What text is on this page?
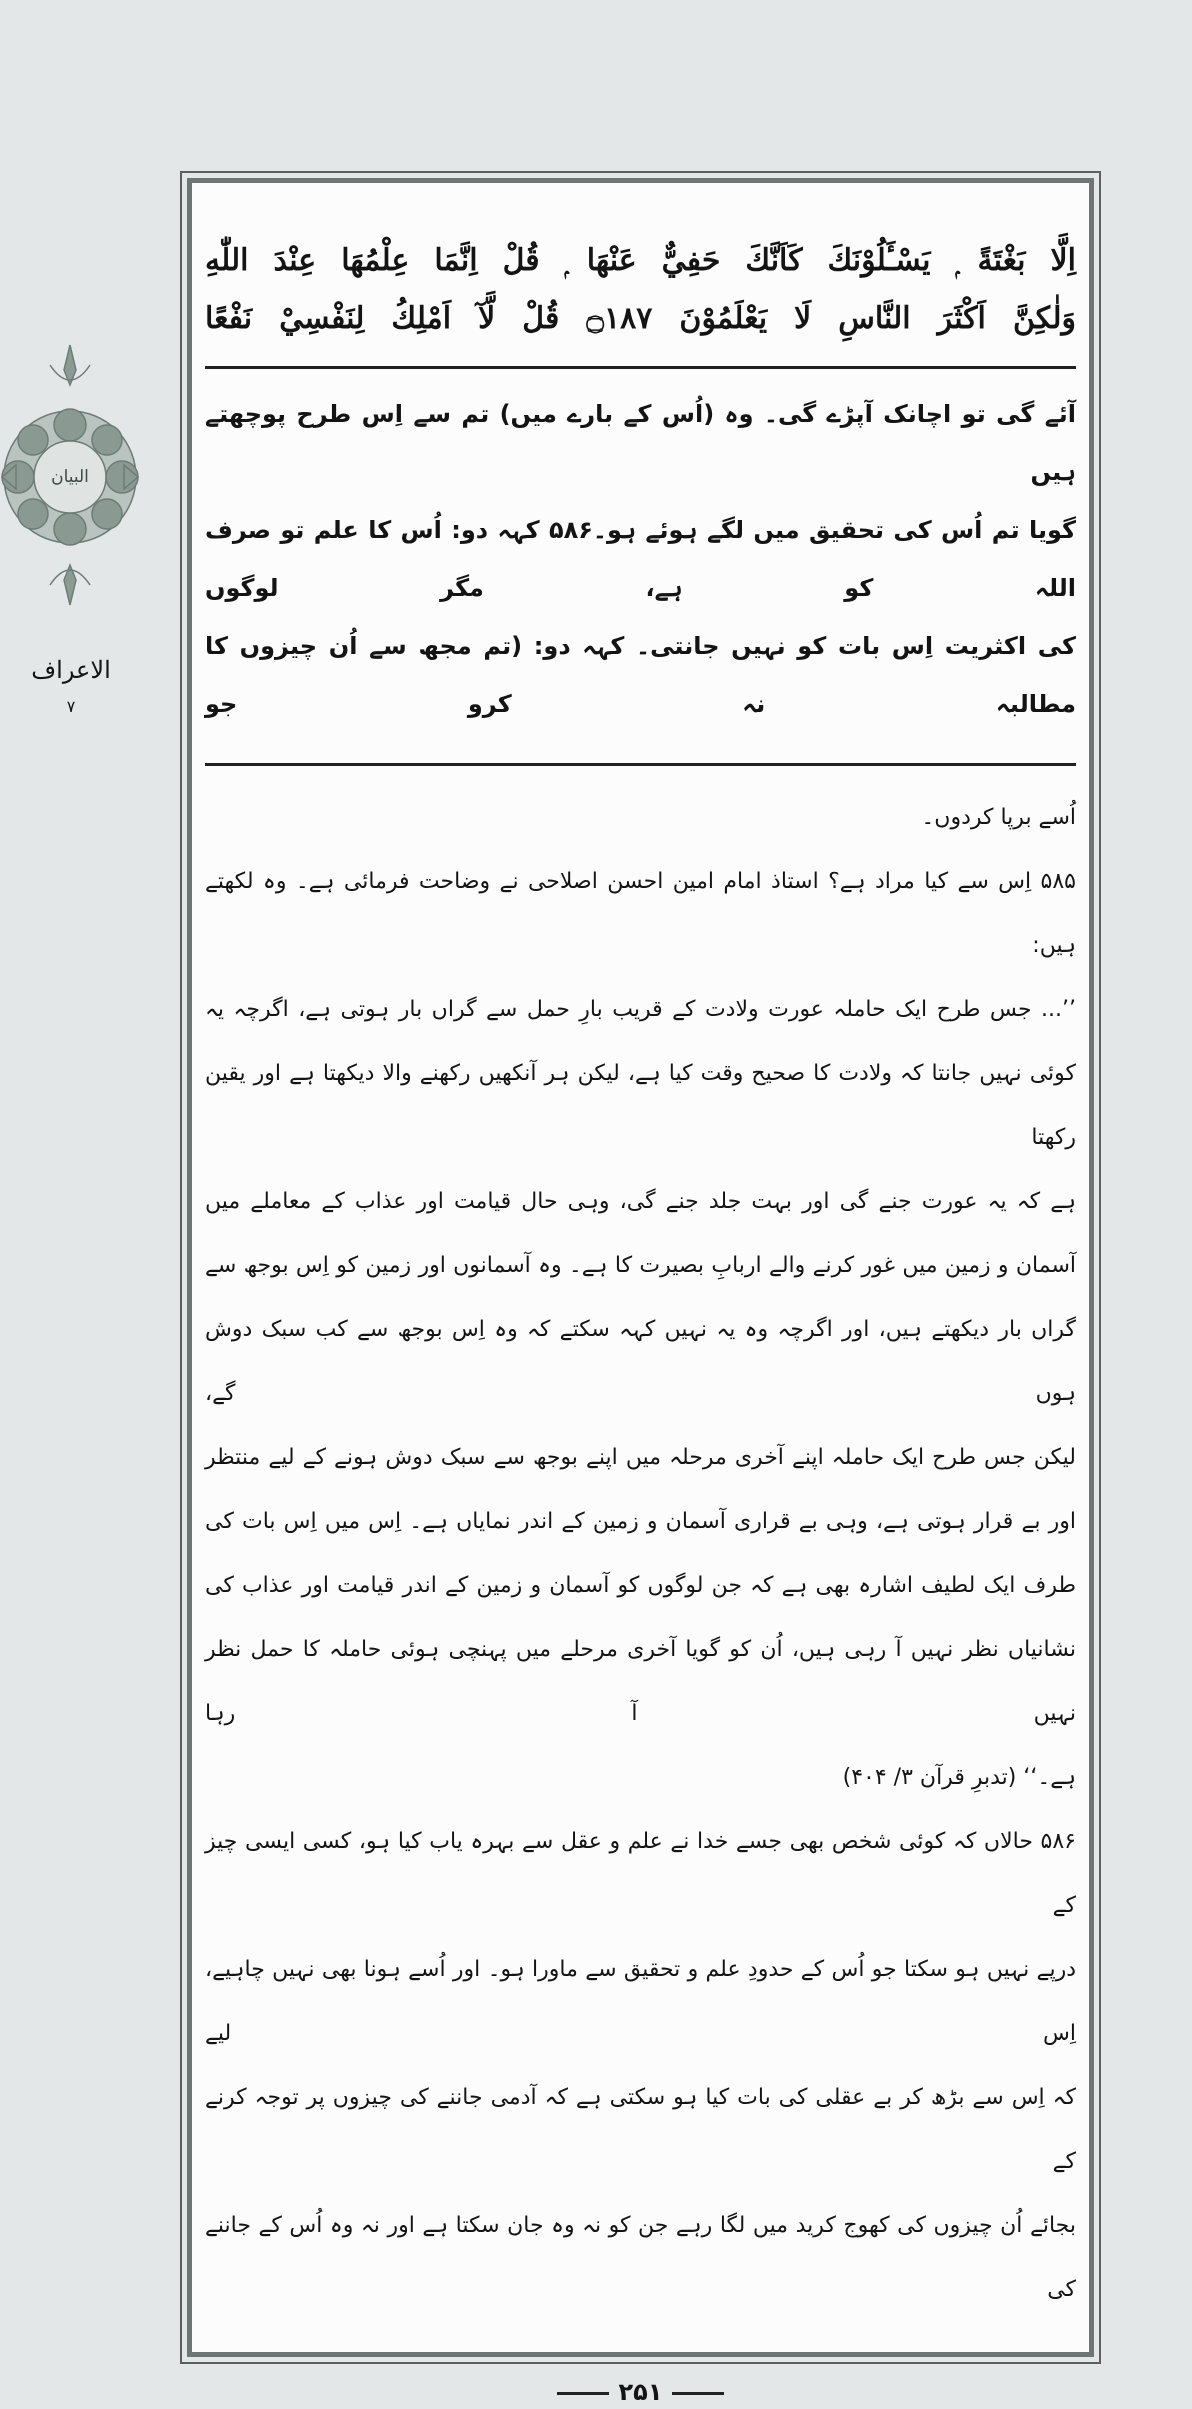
البیان
الاعراف
۷
اِلَّا بَغْتَةً ۭ يَسْـَٔلُوْنَكَ كَاَنَّكَ حَفِيٌّ عَنْهَا ۭ قُلْ اِنَّمَا عِلْمُهَا عِنْدَ اللّٰهِ
وَلٰكِنَّ اَكْثَرَ النَّاسِ لَا يَعْلَمُوْنَ ۝١٨٧ قُلْ لَّآ اَمْلِكُ لِنَفْسِيْ نَفْعًا
آئے گی تو اچانک آپڑے گی۔ وہ (اُس کے بارے میں) تم سے اِس طرح پوچھتے ہیں
گویا تم اُس کی تحقیق میں لگے ہوئے ہو۔۵۸۶ کہہ دو: اُس کا علم تو صرف اللہ کو ہے، مگر لوگوں
کی اکثریت اِس بات کو نہیں جانتی۔ کہہ دو: (تم مجھ سے اُن چیزوں کا مطالبہ نہ کرو جو
اُسے برپا کردوں۔
۵۸۵ اِس سے کیا مراد ہے؟ استاذ امام امین احسن اصلاحی نے وضاحت فرمائی ہے۔ وہ لکھتے ہیں:
’’... جس طرح ایک حاملہ عورت ولادت کے قریب بارِ حمل سے گراں بار ہوتی ہے، اگرچہ یہ
کوئی نہیں جانتا کہ ولادت کا صحیح وقت کیا ہے، لیکن ہر آنکھیں رکھنے والا دیکھتا ہے اور یقین رکھتا
ہے کہ یہ عورت جنے گی اور بہت جلد جنے گی، وہی حال قیامت اور عذاب کے معاملے میں
آسمان و زمین میں غور کرنے والے اربابِ بصیرت کا ہے۔ وہ آسمانوں اور زمین کو اِس بوجھ سے
گراں بار دیکھتے ہیں، اور اگرچہ وہ یہ نہیں کہہ سکتے کہ وہ اِس بوجھ سے کب سبک دوش ہوں گے،
لیکن جس طرح ایک حاملہ اپنے آخری مرحلہ میں اپنے بوجھ سے سبک دوش ہونے کے لیے منتظر
اور بے قرار ہوتی ہے، وہی بے قراری آسمان و زمین کے اندر نمایاں ہے۔ اِس میں اِس بات کی
طرف ایک لطیف اشارہ بھی ہے کہ جن لوگوں کو آسمان و زمین کے اندر قیامت اور عذاب کی
نشانیاں نظر نہیں آ رہی ہیں، اُن کو گویا آخری مرحلے میں پہنچی ہوئی حاملہ کا حمل نظر نہیں آ رہا
ہے۔‘‘ (تدبرِ قرآن ۳/ ۴۰۴)
۵۸۶ حالاں کہ کوئی شخص بھی جسے خدا نے علم و عقل سے بہرہ یاب کیا ہو، کسی ایسی چیز کے
درپے نہیں ہو سکتا جو اُس کے حدودِ علم و تحقیق سے ماورا ہو۔ اور اُسے ہونا بھی نہیں چاہیے، اِس لیے
کہ اِس سے بڑھ کر بے عقلی کی بات کیا ہو سکتی ہے کہ آدمی جاننے کی چیزوں پر توجہ کرنے کے
بجائے اُن چیزوں کی کھوج کرید میں لگا رہے جن کو نہ وہ جان سکتا ہے اور نہ وہ اُس کے جاننے کی
۲۵۱
